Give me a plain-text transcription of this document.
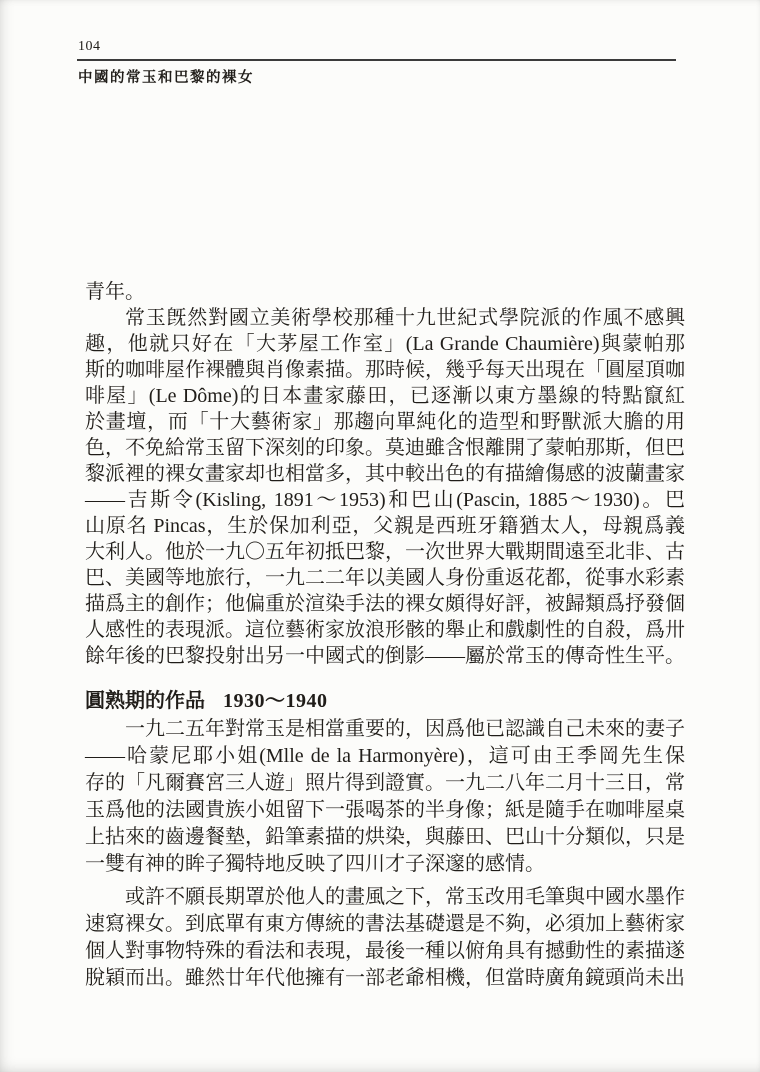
104
中國的常玉和巴黎的裸女
青年。
常玉旣然對國立美術學校那種十九世紀式學院派的作風不感興
趣，他就只好在「大茅屋工作室」(La Grande Chaumière)與蒙帕那
斯的咖啡屋作裸體與肖像素描。那時候，幾乎每天出現在「圓屋頂咖
啡屋」(Le Dôme)的日本畫家藤田，已逐漸以東方墨線的特點竄紅
於畫壇，而「十大藝術家」那趨向單純化的造型和野獸派大膽的用
色，不免給常玉留下深刻的印象。莫迪雖含恨離開了蒙帕那斯，但巴
黎派裡的裸女畫家却也相當多，其中較出色的有描繪傷感的波蘭畫家
——吉斯令(Kisling, 1891～1953)和巴山(Pascin, 1885～1930)。巴
山原名 Pincas，生於保加利亞，父親是西班牙籍猶太人，母親爲義
大利人。他於一九〇五年初抵巴黎，一次世界大戰期間遠至北非、古
巴、美國等地旅行，一九二二年以美國人身份重返花都，從事水彩素
描爲主的創作；他偏重於渲染手法的裸女頗得好評，被歸類爲抒發個
人感性的表現派。這位藝術家放浪形骸的舉止和戲劇性的自殺，爲卅
餘年後的巴黎投射出另一中國式的倒影——屬於常玉的傳奇性生平。
圓熟期的作品 1930～1940
一九二五年對常玉是相當重要的，因爲他已認識自己未來的妻子
——哈蒙尼耶小姐(Mlle de la Harmonyère)，這可由王季岡先生保
存的「凡爾賽宮三人遊」照片得到證實。一九二八年二月十三日，常
玉爲他的法國貴族小姐留下一張喝茶的半身像；紙是隨手在咖啡屋桌
上拈來的齒邊餐墊，鉛筆素描的烘染，與藤田、巴山十分類似，只是
一雙有神的眸子獨特地反映了四川才子深邃的感情。
或許不願長期罩於他人的畫風之下，常玉改用毛筆與中國水墨作
速寫裸女。到底單有東方傳統的書法基礎還是不夠，必須加上藝術家
個人對事物特殊的看法和表現，最後一種以俯角具有撼動性的素描遂
脫穎而出。雖然廿年代他擁有一部老爺相機，但當時廣角鏡頭尚未出
